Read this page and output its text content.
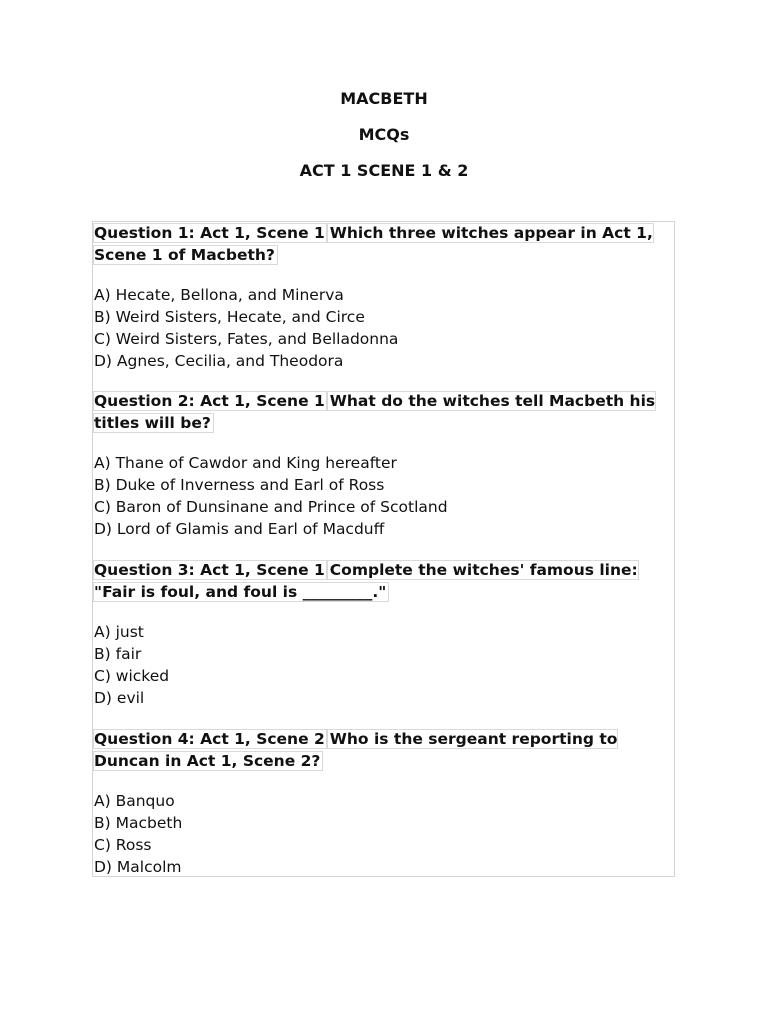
MACBETH
MCQs
ACT 1 SCENE 1 & 2

Question 1: Act 1, Scene 1 Which three witches appear in Act 1, Scene 1 of Macbeth?

A) Hecate, Bellona, and Minerva
B) Weird Sisters, Hecate, and Circe
C) Weird Sisters, Fates, and Belladonna
D) Agnes, Cecilia, and Theodora

Question 2: Act 1, Scene 1 What do the witches tell Macbeth his titles will be?

A) Thane of Cawdor and King hereafter
B) Duke of Inverness and Earl of Ross
C) Baron of Dunsinane and Prince of Scotland
D) Lord of Glamis and Earl of Macduff

Question 3: Act 1, Scene 1 Complete the witches' famous line: "Fair is foul, and foul is _________."

A) just
B) fair
C) wicked
D) evil

Question 4: Act 1, Scene 2 Who is the sergeant reporting to Duncan in Act 1, Scene 2?

A) Banquo
B) Macbeth
C) Ross
D) Malcolm
